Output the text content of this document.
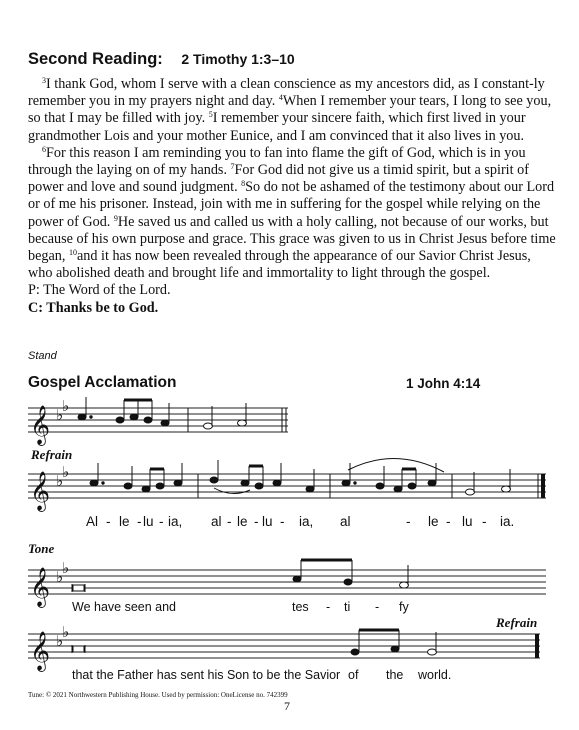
Second Reading: 2 Timothy 1:3–10

$^3$I thank God, whom I serve with a clean conscience as my ancestors did, as I constant-ly remember you in my prayers night and day. $^4$When I remember your tears, I long to see you, so that I may be filled with joy. $^5$I remember your sincere faith, which first lived in your grandmother Lois and your mother Eunice, and I am convinced that it also lives in you.

$^6$For this reason I am reminding you to fan into flame the gift of God, which is in you through the laying on of my hands. $^7$For God did not give us a timid spirit, but a spirit of power and love and sound judgment. $^8$So do not be ashamed of the testimony about our Lord or of me his prisoner. Instead, join with me in suffering for the gospel while relying on the power of God. $^9$He saved us and called us with a holy calling, not because of our works, but because of his own purpose and grace. This grace was given to us in Christ Jesus before time began, $^{10}$and it has now been revealed through the appearance of our Savior Christ Jesus, who abolished death and brought life and immortality to light through the gospel.

P: The Word of the Lord.

C: Thanks be to God.

Stand
Gospel Acclamation	1 John 4:14
𝄞 ♭
♭
Refrain
𝄞 ♭
♭
Al - le - lu - ia, al - le - lu - ia, al	- le - lu - ia.
Tone
𝄞 ♭
♭
We have seen and	tes - ti - fy
Refrain
𝄞 ♭
♭
that the Father has sent his Son to be the Savior of the world.
Tune: © 2021 Northwestern Publishing House. Used by permission: OneLicense no. 742399
7
